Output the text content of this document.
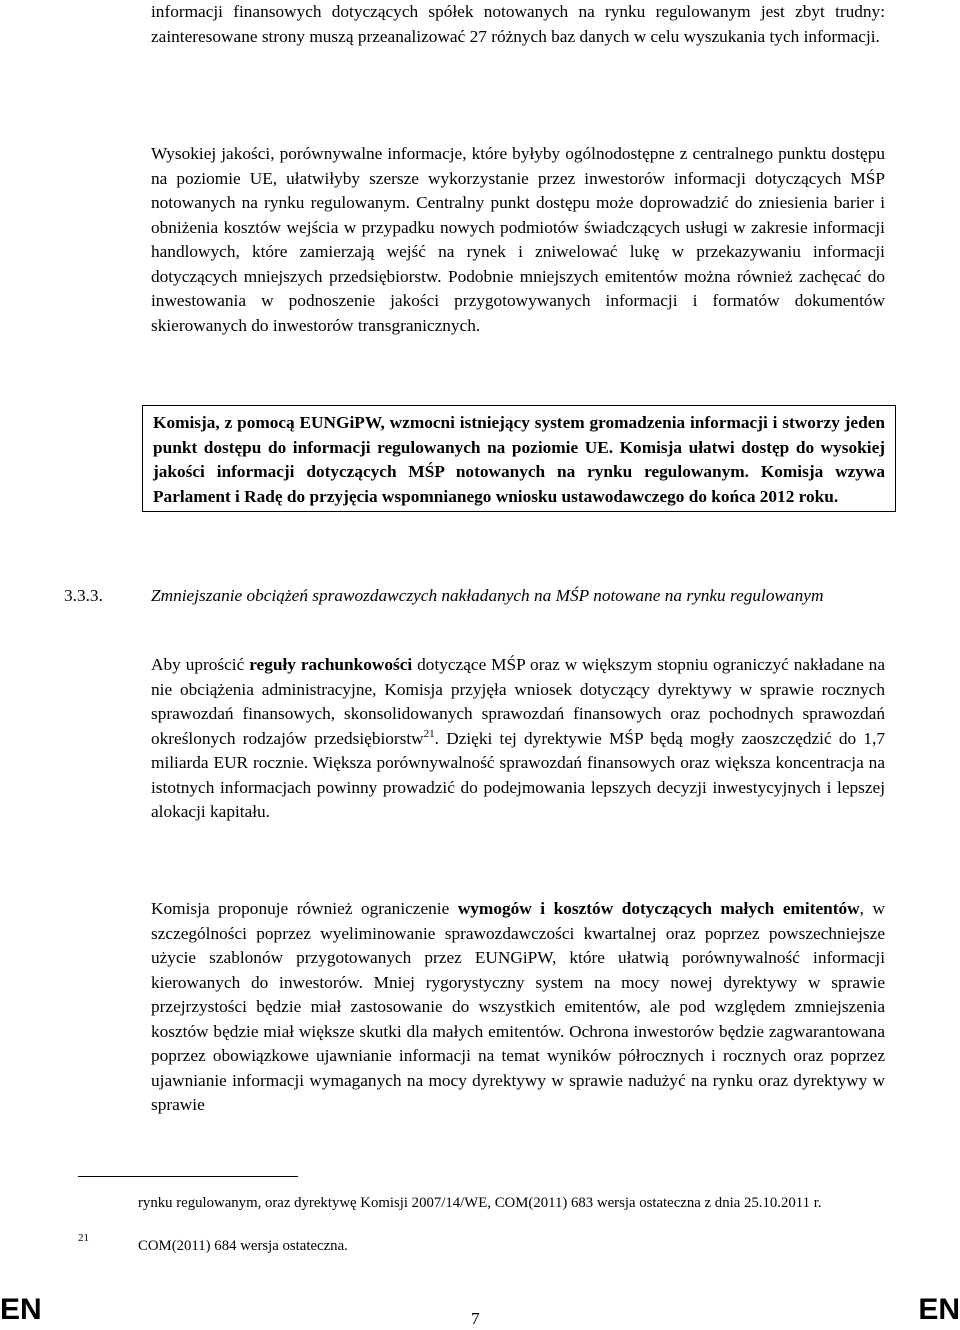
informacji finansowych dotyczących spółek notowanych na rynku regulowanym jest zbyt trudny: zainteresowane strony muszą przeanalizować 27 różnych baz danych w celu wyszukania tych informacji.
Wysokiej jakości, porównywalne informacje, które byłyby ogólnodostępne z centralnego punktu dostępu na poziomie UE, ułatwiłyby szersze wykorzystanie przez inwestorów informacji dotyczących MŚP notowanych na rynku regulowanym. Centralny punkt dostępu może doprowadzić do zniesienia barier i obniżenia kosztów wejścia w przypadku nowych podmiotów świadczących usługi w zakresie informacji handlowych, które zamierzają wejść na rynek i zniwelować lukę w przekazywaniu informacji dotyczących mniejszych przedsiębiorstw. Podobnie mniejszych emitentów można również zachęcać do inwestowania w podnoszenie jakości przygotowywanych informacji i formatów dokumentów skierowanych do inwestorów transgranicznych.
Komisja, z pomocą EUNGiPW, wzmocni istniejący system gromadzenia informacji i stworzy jeden punkt dostępu do informacji regulowanych na poziomie UE. Komisja ułatwi dostęp do wysokiej jakości informacji dotyczących MŚP notowanych na rynku regulowanym. Komisja wzywa Parlament i Radę do przyjęcia wspomnianego wniosku ustawodawczego do końca 2012 roku.
3.3.3.	Zmniejszanie obciążeń sprawozdawczych nakładanych na MŚP notowane na rynku regulowanym
Aby uprościć reguły rachunkowości dotyczące MŚP oraz w większym stopniu ograniczyć nakładane na nie obciążenia administracyjne, Komisja przyjęła wniosek dotyczący dyrektywy w sprawie rocznych sprawozdań finansowych, skonsolidowanych sprawozdań finansowych oraz pochodnych sprawozdań określonych rodzajów przedsiębiorstw$^{21}$. Dzięki tej dyrektywie MŚP będą mogły zaoszczędzić do 1,7 miliarda EUR rocznie. Większa porównywalność sprawozdań finansowych oraz większa koncentracja na istotnych informacjach powinny prowadzić do podejmowania lepszych decyzji inwestycyjnych i lepszej alokacji kapitału.
Komisja proponuje również ograniczenie wymogów i kosztów dotyczących małych emitentów, w szczególności poprzez wyeliminowanie sprawozdawczości kwartalnej oraz poprzez powszechniejsze użycie szablonów przygotowanych przez EUNGiPW, które ułatwią porównywalność informacji kierowanych do inwestorów. Mniej rygorystyczny system na mocy nowej dyrektywy w sprawie przejrzystości będzie miał zastosowanie do wszystkich emitentów, ale pod względem zmniejszenia kosztów będzie miał większe skutki dla małych emitentów. Ochrona inwestorów będzie zagwarantowana poprzez obowiązkowe ujawnianie informacji na temat wyników półrocznych i rocznych oraz poprzez ujawnianie informacji wymaganych na mocy dyrektywy w sprawie nadużyć na rynku oraz dyrektywy w sprawie
rynku regulowanym, oraz dyrektywę Komisji 2007/14/WE, COM(2011) 683 wersja ostateczna z dnia 25.10.2011 r.
21	COM(2011) 684 wersja ostateczna.
EN	7	EN
